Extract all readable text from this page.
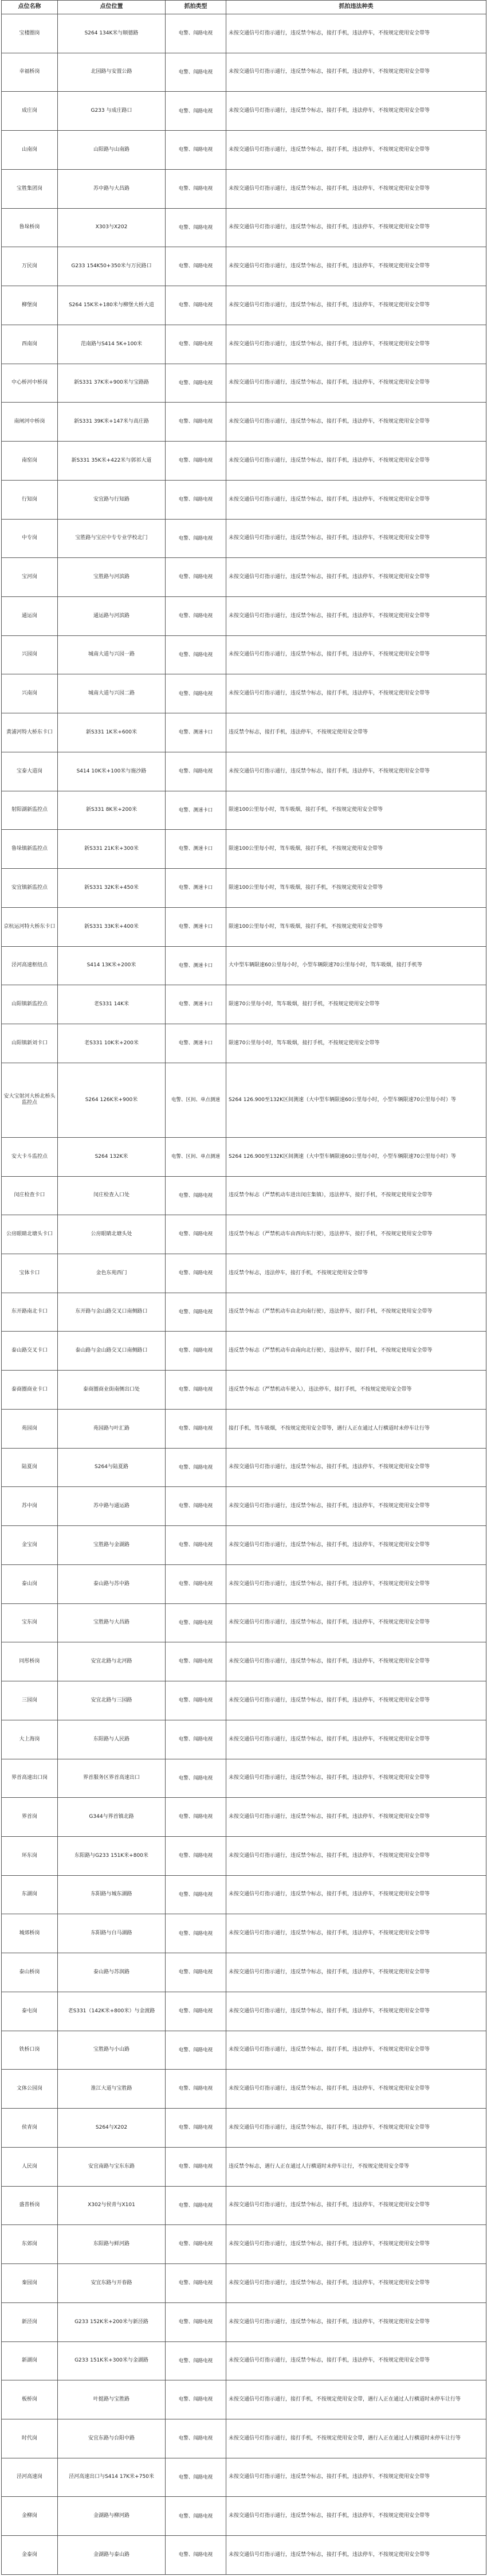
点位名称	点位位置	抓拍类型	抓拍违法种类
宝楼圈岗	S264 134K米与顺德路	电警、闯路电视	未按交通信号灯指示通行，违反禁令标志，接打手机，违法停车，不按规定使用安全带等
幸福桥岗	北园路与安置公路	电警、闯路电视	未按交通信号灯指示通行，违反禁令标志，接打手机，违法停车，不按规定使用安全带等
成庄岗	G233 与成庄路口	电警、闯路电视	未按交通信号灯指示通行，违反禁令标志，接打手机，违法停车，不按规定使用安全带等
山南岗	山阳路与山南路	电警、闯路电视	未按交通信号灯指示通行，违反禁令标志，接打手机，违法停车，不按规定使用安全带等
宝胜集团岗	苏中路与大昌路	电警、闯路电视	未按交通信号灯指示通行，违反禁令标志，接打手机，违法停车，不按规定使用安全带等
鲁垛桥岗	X303与X202	电警、闯路电视	未按交通信号灯指示通行，违反禁令标志，接打手机，违法停车，不按规定使用安全带等
万民岗	G233 154K50+350米与万民路口	电警、闯路电视	未按交通信号灯指示通行，违反禁令标志，接打手机，违法停车，不按规定使用安全带等
柳堡岗	S264 15K米+180米与柳堡大桥大道	电警、闯路电视	未按交通信号灯指示通行，违反禁令标志，接打手机，违法停车，不按规定使用安全带等
西南岗	范南路与S414 5K+100米	电警、闯路电视	未按交通信号灯指示通行，违反禁令标志，接打手机，违法停车，不按规定使用安全带等
中心桥河中桥岗	新S331 37K米+900米与宝路路	电警、闯路电视	未按交通信号灯指示通行，违反禁令标志，接打手机，违法停车，不按规定使用安全带等
南闸河中桥岗	新S331 39K米+147米与高庄路	电警、闯路电视	未按交通信号灯指示通行，违反禁令标志，接打手机，违法停车，不按规定使用安全带等
南窑岗	新S331 35K米+422米与郭祁大道	电警、闯路电视	未按交通信号灯指示通行，违反禁令标志，接打手机，违法停车，不按规定使用安全带等
行知岗	安宜路与行知路	电警、闯路电视	未按交通信号灯指示通行，违反禁令标志，接打手机，违法停车，不按规定使用安全带等
中专岗	宝胜路与宝应中专专业学校北门	电警、闯路电视	未按交通信号灯指示通行，违反禁令标志，接打手机，违法停车，不按规定使用安全带等
宝河岗	宝胜路与河滨路	电警、闯路电视	未按交通信号灯指示通行，违反禁令标志，接打手机，违法停车，不按规定使用安全带等
通运岗	通运路与河滨路	电警、闯路电视	未按交通信号灯指示通行，违反禁令标志，接打手机，违法停车，不按规定使用安全带等
兴园岗	城南大道与兴园一路	电警、闯路电视	未按交通信号灯指示通行，违反禁令标志，接打手机，违法停车，不按规定使用安全带等
兴南岗	城南大道与兴园二路	电警、闯路电视	未按交通信号灯指示通行，违反禁令标志，接打手机，违法停车，不按规定使用安全带等
黄浦河特大桥东卡口	新S331 1K米+600米	电警、测速卡口	违反禁令标志，接打手机，违法停车，不按规定使用安全带等
宝泰大道岗	S414 10K米+100米与施沙路	电警、闯路电视	未按交通信号灯指示通行，违反禁令标志，接打手机，违法停车，不按规定使用安全带等
射阳湖新监控点	新S331 8K米+200米	电警、测速卡口	限速100公里每小时，驾车吸烟，接打手机，不按规定使用安全带等
鲁垛镇新监控点	新S331 21K米+300米	电警、测速卡口	限速100公里每小时，驾车吸烟，接打手机，不按规定使用安全带等
安宜镇新监控点	新S331 32K米+450米	电警、测速卡口	限速100公里每小时，驾车吸烟，接打手机，不按规定使用安全带等
京杭运河特大桥东卡口	新S331 33K米+400米	电警、测速卡口	限速100公里每小时，驾车吸烟，接打手机，不按规定使用安全带等
泾河高速枢纽点	S414 13K米+200米	电警、测速卡口	大中型车辆限速60公里每小时，小型车辆限速70公里每小时，驾车吸烟，接打手机等
山阳镇新监控点	老S331 14K米	电警、测速卡口	限速70公里每小时，驾车吸烟，接打手机，不按规定使用安全带等
山阳镇新刘卡口	老S331 10K米+200米	电警、测速卡口	限速70公里每小时，驾车吸烟，接打手机，不按规定使用安全带等
安大宝射河大桥北桥头监控点	S264 126K米+900米	电警、区间、单点测速	S264 126.900至132K区间测速（大中型车辆限速60公里每小时，小型车辆限速70公里每小时）等
安大卡斗监控点	S264 132K米	电警、区间、单点测速	S264 126.900至132K区间测速（大中型车辆限速60公里每小时，小型车辆限速70公里每小时）等
闵庄检查卡口	闵庄检查入口处	电警、闯路电视	违反禁令标志（严禁机动车进出闵庄集镇），违法停车，接打手机，不按规定使用安全带等
公房眼睛北塘头卡口	公房眼睛北塘头处	电警、闯路电视	违反禁令标志（严禁机动车由西向东行驶），违法停车，接打手机，不按规定使用安全带等
宝体卡口	金色东苑西门	电警、闯路电视	违反禁令标志，违法停车，接打手机，不按规定使用安全带等
东开路南北卡口	东开路与金山路交叉口南侧路口	电警、闯路电视	违反禁令标志（严禁机动车由北向南行驶），违法停车，接打手机，不按规定使用安全带等
泰山路交叉卡口	泰山路与金山路交叉口南侧路口	电警、闯路电视	违反禁令标志（严禁机动车由南向北行驶），违法停车，接打手机，不按规定使用安全带等
泰商圈商业卡口	泰商圈商业街南侧出口处	电警、闯路电视	违反禁令标志（严禁机动车驶入），违法停车，接打手机，不按规定使用安全带等
苑园岗	苑园路与叶汇路	电警、闯路电视	接打手机，驾车吸烟，不按规定使用安全带等，遇行人正在通过人行横道时未停车让行等
陆夏岗	S264与陆夏路	电警、闯路电视	未按交通信号灯指示通行，违反禁令标志，接打手机，违法停车，不按规定使用安全带等
苏中岗	苏中路与通运路	电警、闯路电视	未按交通信号灯指示通行，违反禁令标志，接打手机，违法停车，不按规定使用安全带等
金宝岗	宝胜路与金湖路	电警、闯路电视	未按交通信号灯指示通行，违反禁令标志，接打手机，违法停车，不按规定使用安全带等
泰山岗	泰山路与苏中路	电警、闯路电视	未按交通信号灯指示通行，违反禁令标志，接打手机，违法停车，不按规定使用安全带等
宝东岗	宝胜路与大昌路	电警、闯路电视	未按交通信号灯指示通行，违反禁令标志，接打手机，违法停车，不按规定使用安全带等
同彤桥岗	安宜北路与北河路	电警、闯路电视	未按交通信号灯指示通行，违反禁令标志，接打手机，违法停车，不按规定使用安全带等
三园岗	安宜北路与三园路	电警、闯路电视	未按交通信号灯指示通行，违反禁令标志，接打手机，违法停车，不按规定使用安全带等
大上海岗	东阳路与人民路	电警、闯路电视	未按交通信号灯指示通行，违反禁令标志，接打手机，违法停车，不按规定使用安全带等
界首高速出口岗	界首服务区界首高速出口	电警、闯路电视	未按交通信号灯指示通行，违反禁令标志，接打手机，违法停车，不按规定使用安全带等
界首岗	G344与界首镇北路	电警、闯路电视	未按交通信号灯指示通行，违反禁令标志，接打手机，违法停车，不按规定使用安全带等
环东岗	东阳路与G233 151K米+800米	电警、闯路电视	未按交通信号灯指示通行，违反禁令标志，接打手机，违法停车，不按规定使用安全带等
东湖岗	东阳路与城东湖路	电警、闯路电视	未按交通信号灯指示通行，违反禁令标志，接打手机，违法停车，不按规定使用安全带等
城郊桥岗	东阳路与白马湖路	电警、闯路电视	未按交通信号灯指示通行，违反禁令标志，接打手机，违法停车，不按规定使用安全带等
泰山桥岗	泰山路与苏润路	电警、闯路电视	未按交通信号灯指示通行，违反禁令标志，接打手机，违法停车，不按规定使用安全带等
泰屯岗	老S331（142K米+800米）与金渡路	电警、闯路电视	未按交通信号灯指示通行，违反禁令标志，接打手机，违法停车，不按规定使用安全带等
铁桥口岗	宝胜路与小山路	电警、闯路电视	未按交通信号灯指示通行，违反禁令标志，接打手机，违法停车，不按规定使用安全带等
文体公园岗	淮江大道与宝胜路	电警、闯路电视	未按交通信号灯指示通行，违反禁令标志，接打手机，违法停车，不按规定使用安全带等
侯青岗	S264与X202	电警、闯路电视	未按交通信号灯指示通行，违反禁令标志，接打手机，违法停车，不按规定使用安全带等
人民岗	安宜南路与宝东东路	电警、闯路电视	违反禁令标志，遇行人正在通过人行横道时未停车让行，不按规定使用安全带等
盛普桥岗	X302与侯青与X101	电警、闯路电视	未按交通信号灯指示通行，违反禁令标志，接打手机，违法停车，不按规定使用安全带等
东郊岗	东阳路与鲜河路	电警、闯路电视	未按交通信号灯指示通行，违反禁令标志，接打手机，违法停车，不按规定使用安全带等
秦园岗	安宜东路与开春路	电警、闯路电视	未按交通信号灯指示通行，违反禁令标志，接打手机，违法停车，不按规定使用安全带等
新泾岗	G233 152K米+200米与新泾路	电警、闯路电视	未按交通信号灯指示通行，违反禁令标志，接打手机，违法停车，不按规定使用安全带等
新湖岗	G233 151K米+300米与金湖路	电警、闯路电视	未按交通信号灯指示通行，违反禁令标志，接打手机，违法停车，不按规定使用安全带等
板桥岗	叶挺路与宝胜路	电警、闯路电视	未按交通信号灯指示通行，接打手机，不按规定使用安全带，遇行人正在通过人行横道时未停车让行等
时代岗	安宜东路与台阳中路	电警、闯路电视	未按交通信号灯指示通行，接打手机，不按规定使用安全带，遇行人正在通过人行横道时未停车让行等
泾河高速岗	泾河高速出口与S414 17K米+750米	电警、闯路电视	未按交通信号灯指示通行，违反禁令标志，接打手机，违法停车，不按规定使用安全带等
金柳岗	金湖路与柳河路	电警、闯路电视	未按交通信号灯指示通行，违反禁令标志，接打手机，违法停车，不按规定使用安全带等
金泰岗	金湖路与泰山路	电警、闯路电视	未按交通信号灯指示通行，违反禁令标志，接打手机，违法停车，不按规定使用安全带等
